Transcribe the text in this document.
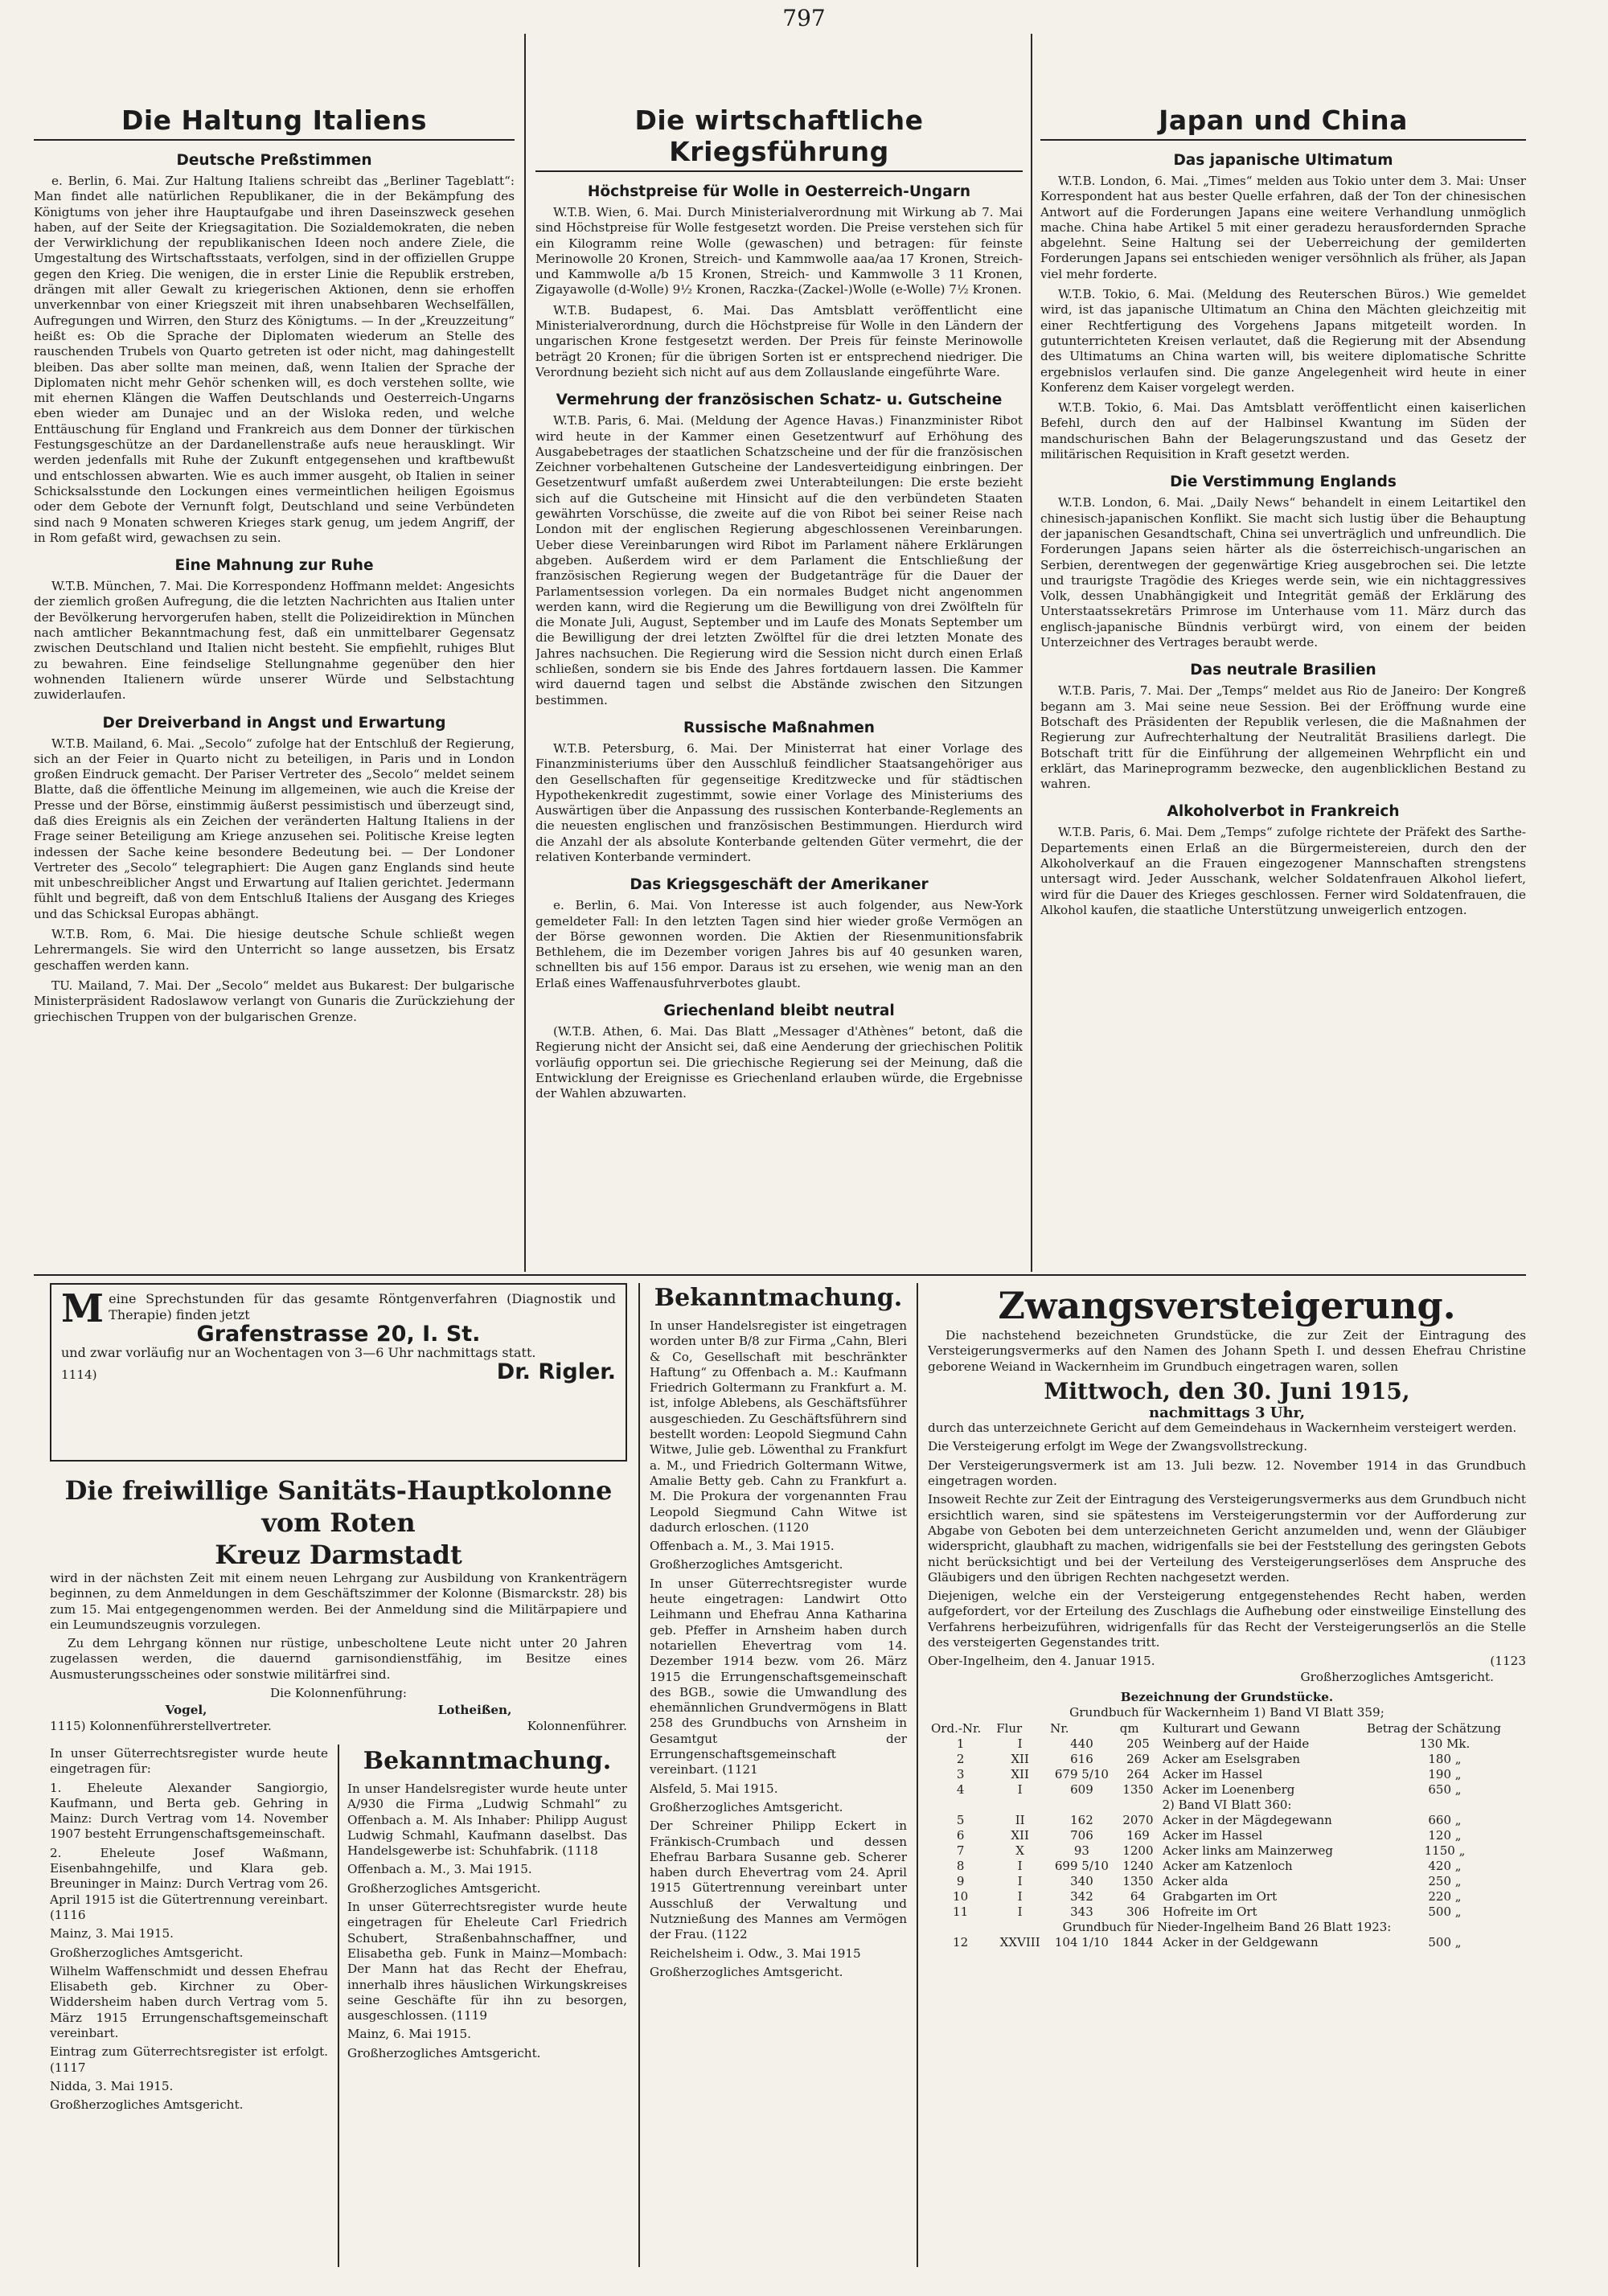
797
Die Haltung Italiens
Deutsche Preßstimmen

e. Berlin, 6. Mai. Zur Haltung Italiens schreibt das „Berliner Tageblatt“: Man findet alle natürlichen Republikaner, die in der Bekämpfung des Königtums von jeher ihre Hauptaufgabe und ihren Daseinszweck gesehen haben, auf der Seite der Kriegsagitation. Die Sozialdemokraten, die neben der Verwirklichung der republikanischen Ideen noch andere Ziele, die Umgestaltung des Wirtschaftsstaats, verfolgen, sind in der offiziellen Gruppe gegen den Krieg. Die wenigen, die in erster Linie die Republik erstreben, drängen mit aller Gewalt zu kriegerischen Aktionen, denn sie erhoffen unverkennbar von einer Kriegszeit mit ihren unabsehbaren Wechselfällen, Aufregungen und Wirren, den Sturz des Königtums. — In der „Kreuzzeitung“ heißt es: Ob die Sprache der Diplomaten wiederum an Stelle des rauschenden Trubels von Quarto getreten ist oder nicht, mag dahingestellt bleiben. Das aber sollte man meinen, daß, wenn Italien der Sprache der Diplomaten nicht mehr Gehör schenken will, es doch verstehen sollte, wie mit ehernen Klängen die Waffen Deutschlands und Oesterreich-Ungarns eben wieder am Dunajec und an der Wisloka reden, und welche Enttäuschung für England und Frankreich aus dem Donner der türkischen Festungsgeschütze an der Dardanellenstraße aufs neue herausklingt. Wir werden jedenfalls mit Ruhe der Zukunft entgegensehen und kraftbewußt und entschlossen abwarten. Wie es auch immer ausgeht, ob Italien in seiner Schicksalsstunde den Lockungen eines vermeintlichen heiligen Egoismus oder dem Gebote der Vernunft folgt, Deutschland und seine Verbündeten sind nach 9 Monaten schweren Krieges stark genug, um jedem Angriff, der in Rom gefaßt wird, gewachsen zu sein.

Eine Mahnung zur Ruhe

W.T.B. München, 7. Mai. Die Korrespondenz Hoffmann meldet: Angesichts der ziemlich großen Aufregung, die die letzten Nachrichten aus Italien unter der Bevölkerung hervorgerufen haben, stellt die Polizeidirektion in München nach amtlicher Bekanntmachung fest, daß ein unmittelbarer Gegensatz zwischen Deutschland und Italien nicht besteht. Sie empfiehlt, ruhiges Blut zu bewahren. Eine feindselige Stellungnahme gegenüber den hier wohnenden Italienern würde unserer Würde und Selbstachtung zuwiderlaufen.

Der Dreiverband in Angst und Erwartung

W.T.B. Mailand, 6. Mai. „Secolo“ zufolge hat der Entschluß der Regierung, sich an der Feier in Quarto nicht zu beteiligen, in Paris und in London großen Eindruck gemacht. Der Pariser Vertreter des „Secolo“ meldet seinem Blatte, daß die öffentliche Meinung im allgemeinen, wie auch die Kreise der Presse und der Börse, einstimmig äußerst pessimistisch und überzeugt sind, daß dies Ereignis als ein Zeichen der veränderten Haltung Italiens in der Frage seiner Beteiligung am Kriege anzusehen sei. Politische Kreise legten indessen der Sache keine besondere Bedeutung bei. — Der Londoner Vertreter des „Secolo“ telegraphiert: Die Augen ganz Englands sind heute mit unbeschreiblicher Angst und Erwartung auf Italien gerichtet. Jedermann fühlt und begreift, daß von dem Entschluß Italiens der Ausgang des Krieges und das Schicksal Europas abhängt.

W.T.B. Rom, 6. Mai. Die hiesige deutsche Schule schließt wegen Lehrermangels. Sie wird den Unterricht so lange aussetzen, bis Ersatz geschaffen werden kann.

TU. Mailand, 7. Mai. Der „Secolo“ meldet aus Bukarest: Der bulgarische Ministerpräsident Radoslawow verlangt von Gunaris die Zurückziehung der griechischen Truppen von der bulgarischen Grenze.

Die wirtschaftliche Kriegsführung
Höchstpreise für Wolle in Oesterreich-Ungarn

W.T.B. Wien, 6. Mai. Durch Ministerialverordnung mit Wirkung ab 7. Mai sind Höchstpreise für Wolle festgesetzt worden. Die Preise verstehen sich für ein Kilogramm reine Wolle (gewaschen) und betragen: für feinste Merinowolle 20 Kronen, Streich- und Kammwolle aaa/aa 17 Kronen, Streich- und Kammwolle a/b 15 Kronen, Streich- und Kammwolle 3 11 Kronen, Zigayawolle (d-Wolle) 9½ Kronen, Raczka-(Zackel-)Wolle (e-Wolle) 7½ Kronen.

W.T.B. Budapest, 6. Mai. Das Amtsblatt veröffentlicht eine Ministerialverordnung, durch die Höchstpreise für Wolle in den Ländern der ungarischen Krone festgesetzt werden. Der Preis für feinste Merinowolle beträgt 20 Kronen; für die übrigen Sorten ist er entsprechend niedriger. Die Verordnung bezieht sich nicht auf aus dem Zollauslande eingeführte Ware.

Vermehrung der französischen Schatz- u. Gutscheine

W.T.B. Paris, 6. Mai. (Meldung der Agence Havas.) Finanzminister Ribot wird heute in der Kammer einen Gesetzentwurf auf Erhöhung des Ausgabebetrages der staatlichen Schatzscheine und der für die französischen Zeichner vorbehaltenen Gutscheine der Landesverteidigung einbringen. Der Gesetzentwurf umfaßt außerdem zwei Unterabteilungen: Die erste bezieht sich auf die Gutscheine mit Hinsicht auf die den verbündeten Staaten gewährten Vorschüsse, die zweite auf die von Ribot bei seiner Reise nach London mit der englischen Regierung abgeschlossenen Vereinbarungen. Ueber diese Vereinbarungen wird Ribot im Parlament nähere Erklärungen abgeben. Außerdem wird er dem Parlament die Entschließung der französischen Regierung wegen der Budgetanträge für die Dauer der Parlamentsession vorlegen. Da ein normales Budget nicht angenommen werden kann, wird die Regierung um die Bewilligung von drei Zwölfteln für die Monate Juli, August, September und im Laufe des Monats September um die Bewilligung der drei letzten Zwölftel für die drei letzten Monate des Jahres nachsuchen. Die Regierung wird die Session nicht durch einen Erlaß schließen, sondern sie bis Ende des Jahres fortdauern lassen. Die Kammer wird dauernd tagen und selbst die Abstände zwischen den Sitzungen bestimmen.

Russische Maßnahmen

W.T.B. Petersburg, 6. Mai. Der Ministerrat hat einer Vorlage des Finanzministeriums über den Ausschluß feindlicher Staatsangehöriger aus den Gesellschaften für gegenseitige Kreditzwecke und für städtischen Hypothekenkredit zugestimmt, sowie einer Vorlage des Ministeriums des Auswärtigen über die Anpassung des russischen Konterbande-Reglements an die neuesten englischen und französischen Bestimmungen. Hierdurch wird die Anzahl der als absolute Konterbande geltenden Güter vermehrt, die der relativen Konterbande vermindert.

Das Kriegsgeschäft der Amerikaner

e. Berlin, 6. Mai. Von Interesse ist auch folgender, aus New-York gemeldeter Fall: In den letzten Tagen sind hier wieder große Vermögen an der Börse gewonnen worden. Die Aktien der Riesenmunitionsfabrik Bethlehem, die im Dezember vorigen Jahres bis auf 40 gesunken waren, schnellten bis auf 156 empor. Daraus ist zu ersehen, wie wenig man an den Erlaß eines Waffenausfuhrverbotes glaubt.

Griechenland bleibt neutral

(W.T.B. Athen, 6. Mai. Das Blatt „Messager d'Athènes“ betont, daß die Regierung nicht der Ansicht sei, daß eine Aenderung der griechischen Politik vorläufig opportun sei. Die griechische Regierung sei der Meinung, daß die Entwicklung der Ereignisse es Griechenland erlauben würde, die Ergebnisse der Wahlen abzuwarten.

Japan und China
Das japanische Ultimatum

W.T.B. London, 6. Mai. „Times“ melden aus Tokio unter dem 3. Mai: Unser Korrespondent hat aus bester Quelle erfahren, daß der Ton der chinesischen Antwort auf die Forderungen Japans eine weitere Verhandlung unmöglich mache. China habe Artikel 5 mit einer geradezu herausfordernden Sprache abgelehnt. Seine Haltung sei der Ueberreichung der gemilderten Forderungen Japans sei entschieden weniger versöhnlich als früher, als Japan viel mehr forderte.

W.T.B. Tokio, 6. Mai. (Meldung des Reuterschen Büros.) Wie gemeldet wird, ist das japanische Ultimatum an China den Mächten gleichzeitig mit einer Rechtfertigung des Vorgehens Japans mitgeteilt worden. In gutunterrichteten Kreisen verlautet, daß die Regierung mit der Absendung des Ultimatums an China warten will, bis weitere diplomatische Schritte ergebnislos verlaufen sind. Die ganze Angelegenheit wird heute in einer Konferenz dem Kaiser vorgelegt werden.

W.T.B. Tokio, 6. Mai. Das Amtsblatt veröffentlicht einen kaiserlichen Befehl, durch den auf der Halbinsel Kwantung im Süden der mandschurischen Bahn der Belagerungszustand und das Gesetz der militärischen Requisition in Kraft gesetzt werden.

Die Verstimmung Englands

W.T.B. London, 6. Mai. „Daily News“ behandelt in einem Leitartikel den chinesisch-japanischen Konflikt. Sie macht sich lustig über die Behauptung der japanischen Gesandtschaft, China sei unverträglich und unfreundlich. Die Forderungen Japans seien härter als die österreichisch-ungarischen an Serbien, derentwegen der gegenwärtige Krieg ausgebrochen sei. Die letzte und traurigste Tragödie des Krieges werde sein, wie ein nichtaggressives Volk, dessen Unabhängigkeit und Integrität gemäß der Erklärung des Unterstaatssekretärs Primrose im Unterhause vom 11. März durch das englisch-japanische Bündnis verbürgt wird, von einem der beiden Unterzeichner des Vertrages beraubt werde.

Das neutrale Brasilien

W.T.B. Paris, 7. Mai. Der „Temps“ meldet aus Rio de Janeiro: Der Kongreß begann am 3. Mai seine neue Session. Bei der Eröffnung wurde eine Botschaft des Präsidenten der Republik verlesen, die die Maßnahmen der Regierung zur Aufrechterhaltung der Neutralität Brasiliens darlegt. Die Botschaft tritt für die Einführung der allgemeinen Wehrpflicht ein und erklärt, das Marineprogramm bezwecke, den augenblicklichen Bestand zu wahren.

Alkoholverbot in Frankreich

W.T.B. Paris, 6. Mai. Dem „Temps“ zufolge richtete der Präfekt des Sarthe-Departements einen Erlaß an die Bürgermeistereien, durch den der Alkoholverkauf an die Frauen eingezogener Mannschaften strengstens untersagt wird. Jeder Ausschank, welcher Soldatenfrauen Alkohol liefert, wird für die Dauer des Krieges geschlossen. Ferner wird Soldatenfrauen, die Alkohol kaufen, die staatliche Unterstützung unweigerlich entzogen.

M eine Sprechstunden für das gesamte Röntgenverfahren (Diagnostik und Therapie) finden jetzt
Grafenstrasse 20, I. St.
und zwar vorläufig nur an Wochentagen von 3—6 Uhr nachmittags statt.
1114)	Dr. Rigler.
Die freiwillige Sanitäts-Hauptkolonne vom Roten
Kreuz Darmstadt

wird in der nächsten Zeit mit einem neuen Lehrgang zur Ausbildung von Krankenträgern beginnen, zu dem Anmeldungen in dem Geschäftszimmer der Kolonne (Bismarckstr. 28) bis zum 15. Mai entgegengenommen werden. Bei der Anmeldung sind die Militärpapiere und ein Leumundszeugnis vorzulegen.

Zu dem Lehrgang können nur rüstige, unbescholtene Leute nicht unter 20 Jahren zugelassen werden, die dauernd garnisondienstfähig, im Besitze eines Ausmusterungsscheines oder sonstwie militärfrei sind.

Die Kolonnenführung:
Vogel,	Lotheißen,
1115) Kolonnenführerstellvertreter.	Kolonnenführer.

In unser Güterrechtsregister wurde heute eingetragen für:

1. Eheleute Alexander Sangiorgio, Kaufmann, und Berta geb. Gehring in Mainz: Durch Vertrag vom 14. November 1907 besteht Errungenschaftsgemeinschaft.

2. Eheleute Josef Waßmann, Eisenbahngehilfe, und Klara geb. Breuninger in Mainz: Durch Vertrag vom 26. April 1915 ist die Gütertrennung vereinbart. (1116

Mainz, 3. Mai 1915.

Großherzogliches Amtsgericht.

Wilhelm Waffenschmidt und dessen Ehefrau Elisabeth geb. Kirchner zu Ober-Widdersheim haben durch Vertrag vom 5. März 1915 Errungenschaftsgemeinschaft vereinbart.

Eintrag zum Güterrechtsregister ist erfolgt. (1117

Nidda, 3. Mai 1915.

Großherzogliches Amtsgericht.

Bekanntmachung.

In unser Handelsregister wurde heute unter A/930 die Firma „Ludwig Schmahl“ zu Offenbach a. M. Als Inhaber: Philipp August Ludwig Schmahl, Kaufmann daselbst. Das Handelsgewerbe ist: Schuhfabrik. (1118

Offenbach a. M., 3. Mai 1915.

Großherzogliches Amtsgericht.

In unser Güterrechtsregister wurde heute eingetragen für Eheleute Carl Friedrich Schubert, Straßenbahnschaffner, und Elisabetha geb. Funk in Mainz—Mombach: Der Mann hat das Recht der Ehefrau, innerhalb ihres häuslichen Wirkungskreises seine Geschäfte für ihn zu besorgen, ausgeschlossen. (1119

Mainz, 6. Mai 1915.

Großherzogliches Amtsgericht.

Bekanntmachung.

In unser Handelsregister ist eingetragen worden unter B/8 zur Firma „Cahn, Bleri & Co, Gesellschaft mit beschränkter Haftung“ zu Offenbach a. M.: Kaufmann Friedrich Goltermann zu Frankfurt a. M. ist, infolge Ablebens, als Geschäftsführer ausgeschieden. Zu Geschäftsführern sind bestellt worden: Leopold Siegmund Cahn Witwe, Julie geb. Löwenthal zu Frankfurt a. M., und Friedrich Goltermann Witwe, Amalie Betty geb. Cahn zu Frankfurt a. M. Die Prokura der vorgenannten Frau Leopold Siegmund Cahn Witwe ist dadurch erloschen. (1120

Offenbach a. M., 3. Mai 1915.

Großherzogliches Amtsgericht.

In unser Güterrechtsregister wurde heute eingetragen: Landwirt Otto Leihmann und Ehefrau Anna Katharina geb. Pfeffer in Arnsheim haben durch notariellen Ehevertrag vom 14. Dezember 1914 bezw. vom 26. März 1915 die Errungenschaftsgemeinschaft des BGB., sowie die Umwandlung des ehemännlichen Grundvermögens in Blatt 258 des Grundbuchs von Arnsheim in Gesamtgut der Errungenschaftsgemeinschaft vereinbart. (1121

Alsfeld, 5. Mai 1915.

Großherzogliches Amtsgericht.

Der Schreiner Philipp Eckert in Fränkisch-Crumbach und dessen Ehefrau Barbara Susanne geb. Scherer haben durch Ehevertrag vom 24. April 1915 Gütertrennung vereinbart unter Ausschluß der Verwaltung und Nutznießung des Mannes am Vermögen der Frau. (1122

Reichelsheim i. Odw., 3. Mai 1915

Großherzogliches Amtsgericht.

Zwangsversteigerung.

Die nachstehend bezeichneten Grundstücke, die zur Zeit der Eintragung des Versteigerungsvermerks auf den Namen des Johann Speth I. und dessen Ehefrau Christine geborene Weiand in Wackernheim im Grundbuch eingetragen waren, sollen

Mittwoch, den 30. Juni 1915,
nachmittags 3 Uhr,

durch das unterzeichnete Gericht auf dem Gemeindehaus in Wackernheim versteigert werden.

Die Versteigerung erfolgt im Wege der Zwangsvollstreckung.

Der Versteigerungsvermerk ist am 13. Juli bezw. 12. November 1914 in das Grundbuch eingetragen worden.

Insoweit Rechte zur Zeit der Eintragung des Versteigerungsvermerks aus dem Grundbuch nicht ersichtlich waren, sind sie spätestens im Versteigerungstermin vor der Aufforderung zur Abgabe von Geboten bei dem unterzeichneten Gericht anzumelden und, wenn der Gläubiger widerspricht, glaubhaft zu machen, widrigenfalls sie bei der Feststellung des geringsten Gebots nicht berücksichtigt und bei der Verteilung des Versteigerungserlöses dem Anspruche des Gläubigers und den übrigen Rechten nachgesetzt werden.

Diejenigen, welche ein der Versteigerung entgegenstehendes Recht haben, werden aufgefordert, vor der Erteilung des Zuschlags die Aufhebung oder einstweilige Einstellung des Verfahrens herbeizuführen, widrigenfalls für das Recht der Versteigerungserlös an die Stelle des versteigerten Gegenstandes tritt.

Ober-Ingelheim, den 4. Januar 1915.	(1123
Großherzogliches Amtsgericht.
Bezeichnung der Grundstücke.
Grundbuch für Wackernheim 1) Band VI Blatt 359;
Ord.-Nr.	Flur	Nr.	qm	Kulturart und Gewann	Betrag der Schätzung
1	I	440	205	Weinberg auf der Haide	130 Mk.
2	XII	616	269	Acker am Eselsgraben	180 „
3	XII	679 5/10	264	Acker im Hassel	190 „
4	I	609	1350	Acker im Loenenberg	650 „
2) Band VI Blatt 360:					
5	II	162	2070	Acker in der Mägdegewann	660 „
6	XII	706	169	Acker im Hassel	120 „
7	X	93	1200	Acker links am Mainzerweg	1150 „
8	I	699 5/10	1240	Acker am Katzenloch	420 „
9	I	340	1350	Acker alda	250 „
10	I	342	64	Grabgarten im Ort	220 „
11	I	343	306	Hofreite im Ort	500 „
Grundbuch für Nieder-Ingelheim Band 26 Blatt 1923:					
12	XXVIII	104 1/10	1844	Acker in der Geldgewann	500 „
